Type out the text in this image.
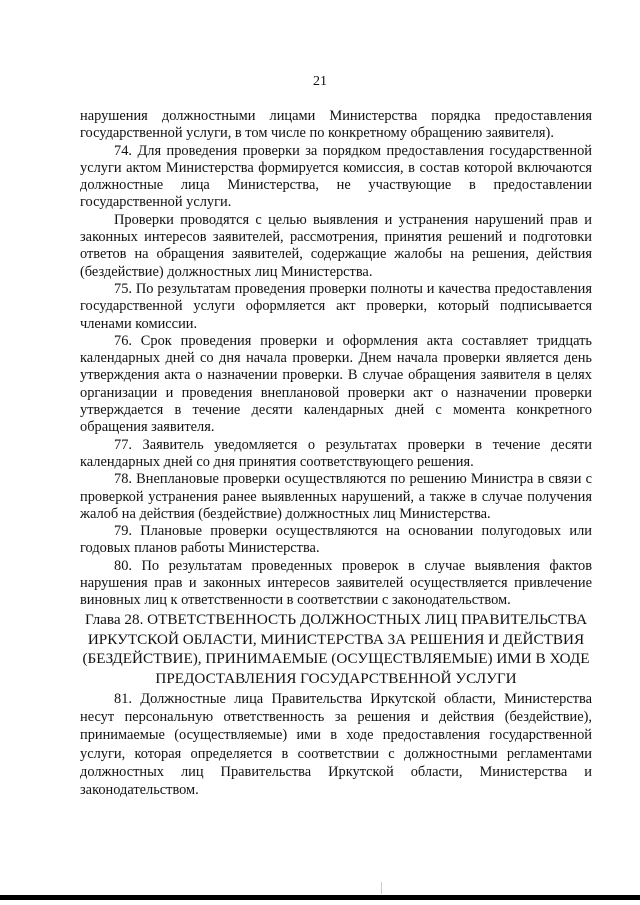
21

нарушения должностными лицами Министерства порядка предоставления государственной услуги, в том числе по конкретному обращению заявителя).

74. Для проведения проверки за порядком предоставления государственной услуги актом Министерства формируется комиссия, в состав которой включаются должностные лица Министерства, не участвующие в предоставлении государственной услуги.

Проверки проводятся с целью выявления и устранения нарушений прав и законных интересов заявителей, рассмотрения, принятия решений и подготовки ответов на обращения заявителей, содержащие жалобы на решения, действия (бездействие) должностных лиц Министерства.

75. По результатам проведения проверки полноты и качества предоставления государственной услуги оформляется акт проверки, который подписывается членами комиссии.

76. Срок проведения проверки и оформления акта составляет тридцать календарных дней со дня начала проверки. Днем начала проверки является день утверждения акта о назначении проверки. В случае обращения заявителя в целях организации и проведения внеплановой проверки акт о назначении проверки утверждается в течение десяти календарных дней с момента конкретного обращения заявителя.

77. Заявитель уведомляется о результатах проверки в течение десяти календарных дней со дня принятия соответствующего решения.

78. Внеплановые проверки осуществляются по решению Министра в связи с проверкой устранения ранее выявленных нарушений, а также в случае получения жалоб на действия (бездействие) должностных лиц Министерства.

79. Плановые проверки осуществляются на основании полугодовых или годовых планов работы Министерства.

80. По результатам проведенных проверок в случае выявления фактов нарушения прав и законных интересов заявителей осуществляется привлечение виновных лиц к ответственности в соответствии с законодательством.

Глава 28. ОТВЕТСТВЕННОСТЬ ДОЛЖНОСТНЫХ ЛИЦ ПРАВИТЕЛЬСТВА

ИРКУТСКОЙ ОБЛАСТИ, МИНИСТЕРСТВА ЗА РЕШЕНИЯ И ДЕЙСТВИЯ

(БЕЗДЕЙСТВИЕ), ПРИНИМАЕМЫЕ (ОСУЩЕСТВЛЯЕМЫЕ) ИМИ В ХОДЕ

ПРЕДОСТАВЛЕНИЯ ГОСУДАРСТВЕННОЙ УСЛУГИ

81. Должностные лица Правительства Иркутской области, Министерства несут персональную ответственность за решения и действия (бездействие), принимаемые (осуществляемые) ими в ходе предоставления государственной услуги, которая определяется в соответствии с должностными регламентами должностных лиц Правительства Иркутской области, Министерства и законодательством.
